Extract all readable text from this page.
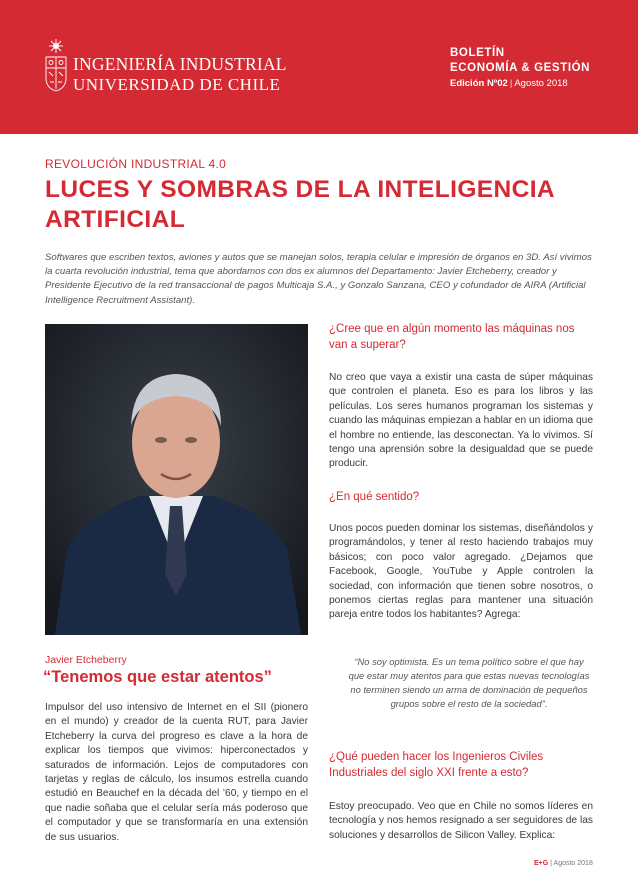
INGENIERÍA INDUSTRIAL
UNIVERSIDAD DE CHILE
BOLETÍN
ECONOMÍA & GESTIÓN
Edición Nº02 | Agosto 2018
REVOLUCIÓN INDUSTRIAL 4.0
LUCES Y SOMBRAS DE LA INTELIGENCIA ARTIFICIAL

Softwares que escriben textos, aviones y autos que se manejan solos, terapia celular e impresión de órganos en 3D. Así vivimos la cuarta revolución industrial, tema que abordamos con dos ex alumnos del Departamento: Javier Etcheberry, creador y Presidente Ejecutivo de la red transaccional de pagos Multicaja S.A., y Gonzalo Sanzana, CEO y cofundador de AIRA (Artificial Intelligence Recruitment Assistant).

Javier Etcheberry
“Tenemos que estar atentos”

Impulsor del uso intensivo de Internet en el SII (pionero en el mundo) y creador de la cuenta RUT, para Javier Etcheberry la curva del progreso es clave a la hora de explicar los tiempos que vivimos: hiperconectados y saturados de información. Lejos de computadores con tarjetas y reglas de cálculo, los insumos estrella cuando estudió en Beauchef en la década del ’60, y tiempo en el que nadie soñaba que el celular sería más poderoso que el computador y que se transformaría en una extensión de sus usuarios.

¿Cree que en algún momento las máquinas nos van a superar?

No creo que vaya a existir una casta de súper máquinas que controlen el planeta. Eso es para los libros y las películas. Los seres humanos programan los sistemas y cuando las máquinas empiezan a hablar en un idioma que el hombre no entiende, las desconectan. Ya lo vivimos. Sí tengo una aprensión sobre la desigualdad que se puede producir.

¿En qué sentido?

Unos pocos pueden dominar los sistemas, diseñándolos y programándolos, y tener al resto haciendo trabajos muy básicos; con poco valor agregado. ¿Dejamos que Facebook, Google, YouTube y Apple controlen la sociedad, con información que tienen sobre nosotros, o ponemos ciertas reglas para mantener una situación pareja entre todos los habitantes? Agrega:

“No soy optimista. Es un tema político sobre el que hay que estar muy atentos para que estas nuevas tecnologías no terminen siendo un arma de dominación de pequeños grupos sobre el resto de la sociedad”.

¿Qué pueden hacer los Ingenieros Civiles Industriales del siglo XXI frente a esto?

Estoy preocupado. Veo que en Chile no somos líderes en tecnología y nos hemos resignado a ser seguidores de las soluciones y desarrollos de Silicon Valley. Explica:

E+G | Agosto 2018
